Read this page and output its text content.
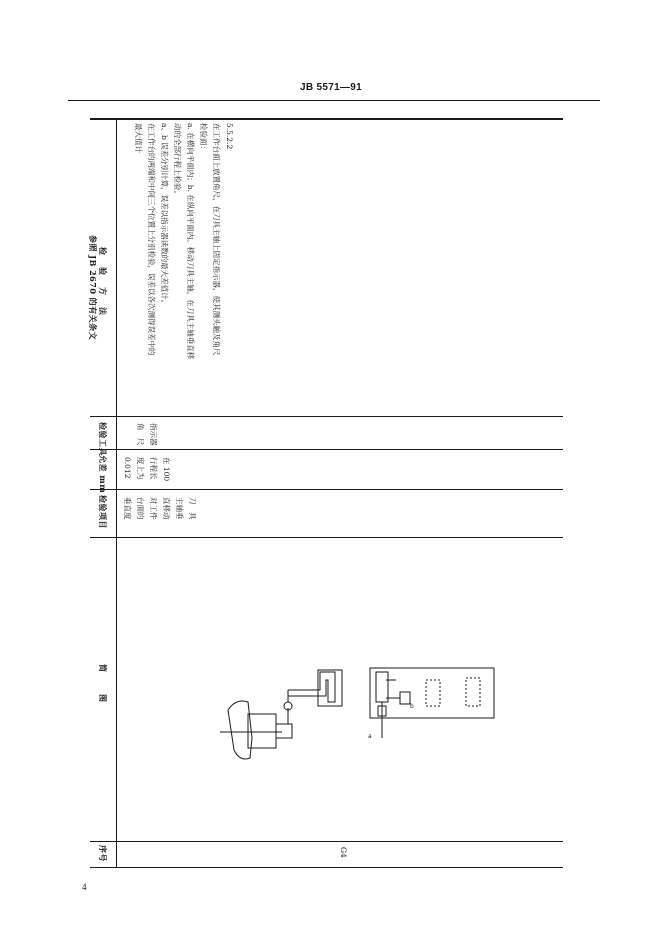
JB 5571—91
检　验　方　法
参照 JB 2670 的有关条文
检验工具
允差 mm
检验项目
简　　图
序号
5.5.2.2
在工作台面上放置角尺，在刀具主轴上固定指示器，使其测头触及角尺
检验面：
a. 在横向平面内；b. 在纵向平面内。移动刀具主轴，在刀具主轴垂直移
动的全部行程上检验。
a、b 误差分别计算，误差以指示器读数的最大差值计。
在工作台的两端和中间三个位置上分别检验，误差以各次测得误差中的
最大值计
指示器
角　尺
在 100
行程长
度上为
0.012
刀　具
主轴垂
直移动
对工件
台面的
垂直度
G4
a
b
4
